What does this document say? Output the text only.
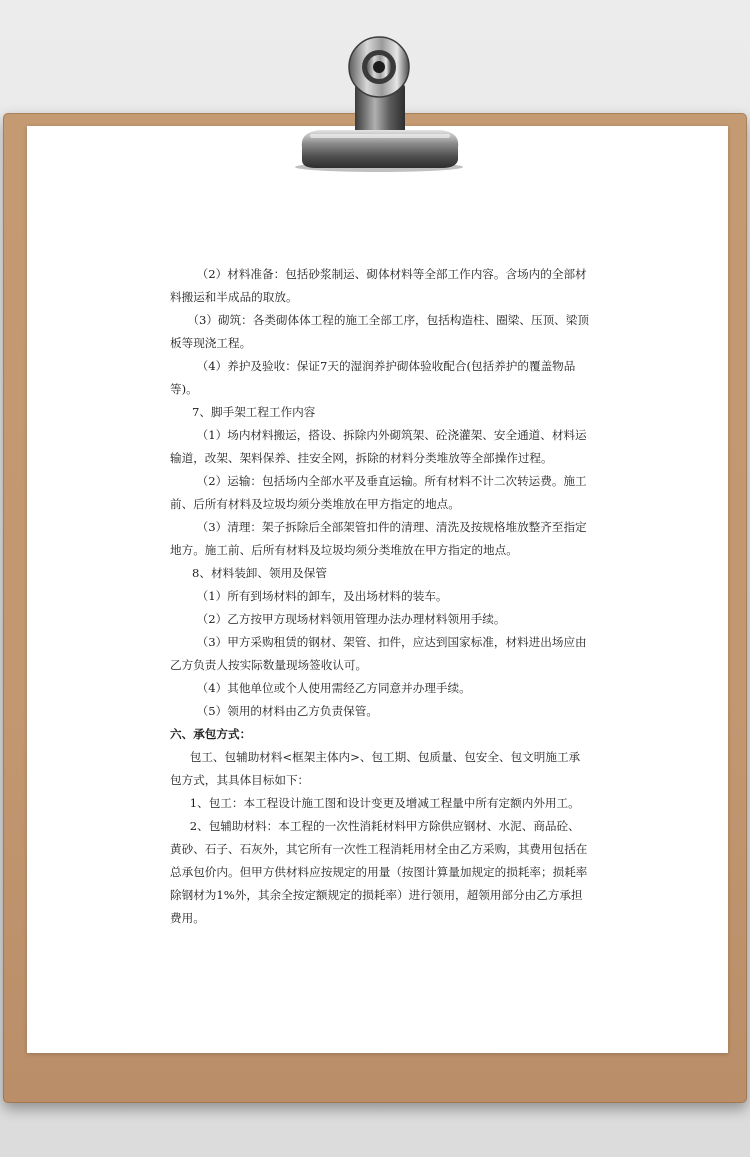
（2）材料准备：包括砂浆制运、砌体材料等全部工作内容。含场内的全部材料搬运和半成品的取放。

（3）砌筑：各类砌体体工程的施工全部工序，包括构造柱、圈梁、压顶、梁顶板等现浇工程。

（4）养护及验收：保证7天的湿润养护砌体验收配合(包括养护的覆盖物品等)。

7、脚手架工程工作内容

（1）场内材料搬运，搭设、拆除内外砌筑架、砼浇灌架、安全通道、材料运输道，改架、架料保养、挂安全网，拆除的材料分类堆放等全部操作过程。

（2）运输：包括场内全部水平及垂直运输。所有材料不计二次转运费。施工前、后所有材料及垃圾均须分类堆放在甲方指定的地点。

（3）清理：架子拆除后全部架管扣件的清理、清洗及按规格堆放整齐至指定地方。施工前、后所有材料及垃圾均须分类堆放在甲方指定的地点。

8、材料装卸、领用及保管

（1）所有到场材料的卸车，及出场材料的装车。

（2）乙方按甲方现场材料领用管理办法办理材料领用手续。

（3）甲方采购租赁的钢材、架管、扣件，应达到国家标准，材料进出场应由乙方负责人按实际数量现场签收认可。

（4）其他单位或个人使用需经乙方同意并办理手续。

（5）领用的材料由乙方负责保管。

六、承包方式：

包工、包辅助材料<框架主体内>、包工期、包质量、包安全、包文明施工承包方式，其具体目标如下：

1、包工：本工程设计施工图和设计变更及增减工程量中所有定额内外用工。

2、包辅助材料：本工程的一次性消耗材料甲方除供应钢材、水泥、商品砼、黄砂、石子、石灰外，其它所有一次性工程消耗用材全由乙方采购，其费用包括在总承包价内。但甲方供材料应按规定的用量（按图计算量加规定的损耗率；损耗率除钢材为1%外，其余全按定额规定的损耗率）进行领用，超领用部分由乙方承担费用。
